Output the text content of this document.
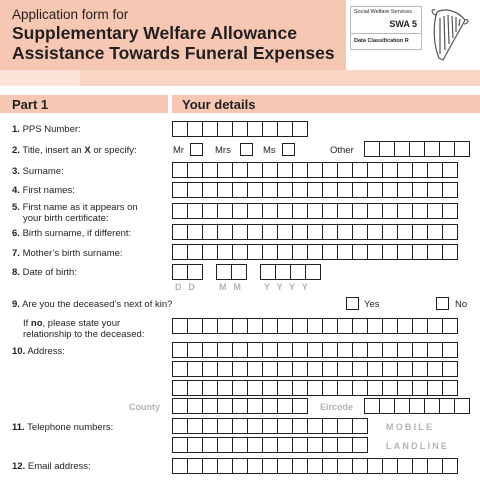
Application form for
Supplementary Welfare Allowance
Assistance Towards Funeral Expenses
Social Welfare Services
SWA 5
Data Classification R
Part 1	Your details
1. PPS Number:
2. Title, insert an X or specify:	Mr	Mrs	Ms	Other
3. Surname:
4. First names:
5. First name as it appears on
your birth certificate:
6. Birth surname, if different:
7. Mother’s birth surname:
8. Date of birth:
D D M M Y Y Y Y
9. Are you the deceased’s next of kin?	Yes	No
If no, please state your
relationship to the deceased:
10. Address:
County	Eircode
11. Telephone numbers:	MOBILE
LANDLINE
12. Email address:
